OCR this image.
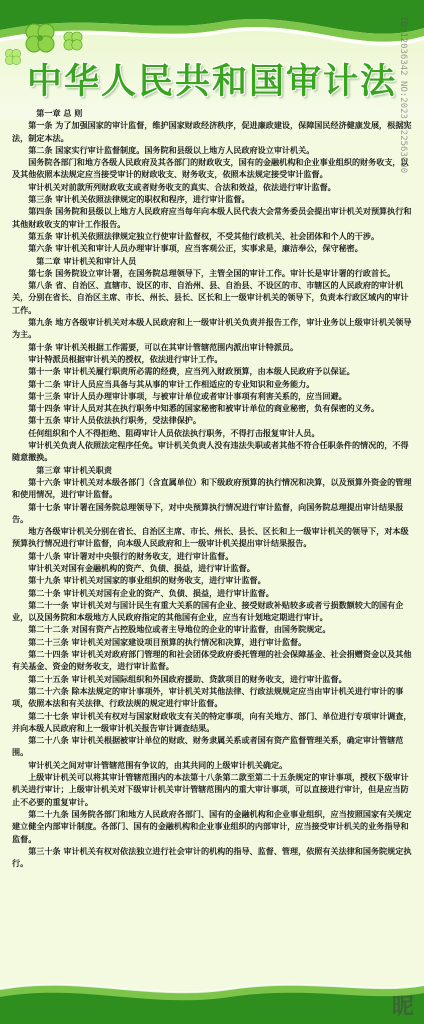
ID:12036342 NO:20231222563000
中华人民共和国审计法

第一章 总 则

第一条 为了加强国家的审计监督，维护国家财政经济秩序，促进廉政建设，保障国民经济健康发展，根据宪法，制定本法。

第二条 国家实行审计监督制度。国务院和县级以上地方人民政府设立审计机关。

国务院各部门和地方各级人民政府及其各部门的财政收支，国有的金融机构和企业事业组织的财务收支，以及其他依照本法规定应当接受审计的财政收支、财务收支，依照本法规定接受审计监督。

审计机关对前款所列财政收支或者财务收支的真实、合法和效益，依法进行审计监督。

第三条 审计机关依照法律规定的职权和程序，进行审计监督。

第四条 国务院和县级以上地方人民政府应当每年向本级人民代表大会常务委员会提出审计机关对预算执行和其他财政收支的审计工作报告。

第五条 审计机关依照法律规定独立行使审计监督权，不受其他行政机关、社会团体和个人的干涉。

第六条 审计机关和审计人员办理审计事项，应当客观公正，实事求是，廉洁奉公，保守秘密。

第二章 审计机关和审计人员

第七条 国务院设立审计署，在国务院总理领导下，主管全国的审计工作。审计长是审计署的行政首长。

第八条 省、自治区、直辖市、设区的市、自治州、县、自治县、不设区的市、市辖区的人民政府的审计机关，分别在省长、自治区主席、市长、州长、县长、区长和上一级审计机关的领导下，负责本行政区域内的审计工作。

第九条 地方各级审计机关对本级人民政府和上一级审计机关负责并报告工作，审计业务以上级审计机关领导为主。

第十条 审计机关根据工作需要，可以在其审计管辖范围内派出审计特派员。

审计特派员根据审计机关的授权，依法进行审计工作。

第十一条 审计机关履行职责所必需的经费，应当列入财政预算，由本级人民政府予以保证。

第十二条 审计人员应当具备与其从事的审计工作相适应的专业知识和业务能力。

第十三条 审计人员办理审计事项，与被审计单位或者审计事项有利害关系的，应当回避。

第十四条 审计人员对其在执行职务中知悉的国家秘密和被审计单位的商业秘密，负有保密的义务。

第十五条 审计人员依法执行职务，受法律保护。

任何组织和个人不得拒绝、阻碍审计人员依法执行职务，不得打击报复审计人员。

审计机关负责人依照法定程序任免。审计机关负责人没有违法失职或者其他不符合任职条件的情况的，不得随意撤换。

第三章 审计机关职责

第十六条 审计机关对本级各部门（含直属单位）和下级政府预算的执行情况和决算，以及预算外资金的管理和使用情况，进行审计监督。

第十七条 审计署在国务院总理领导下，对中央预算执行情况进行审计监督，向国务院总理提出审计结果报告。

地方各级审计机关分别在省长、自治区主席、市长、州长、县长、区长和上一级审计机关的领导下，对本级预算执行情况进行审计监督，向本级人民政府和上一级审计机关提出审计结果报告。

第十八条 审计署对中央银行的财务收支，进行审计监督。

审计机关对国有金融机构的资产、负债、损益，进行审计监督。

第十九条 审计机关对国家的事业组织的财务收支，进行审计监督。

第二十条 审计机关对国有企业的资产、负债、损益，进行审计监督。

第二十一条 审计机关对与国计民生有重大关系的国有企业、接受财政补贴较多或者亏损数额较大的国有企业，以及国务院和本级地方人民政府指定的其他国有企业，应当有计划地定期进行审计。

第二十二条 对国有资产占控股地位或者主导地位的企业的审计监督，由国务院规定。

第二十三条 审计机关对国家建设项目预算的执行情况和决算，进行审计监督。

第二十四条 审计机关对政府部门管理的和社会团体受政府委托管理的社会保障基金、社会捐赠资金以及其他有关基金、资金的财务收支，进行审计监督。

第二十五条 审计机关对国际组织和外国政府援助、贷款项目的财务收支，进行审计监督。

第二十六条 除本法规定的审计事项外，审计机关对其他法律、行政法规规定应当由审计机关进行审计的事项，依照本法和有关法律、行政法规的规定进行审计监督。

第二十七条 审计机关有权对与国家财政收支有关的特定事项，向有关地方、部门、单位进行专项审计调查，并向本级人民政府和上一级审计机关报告审计调查结果。

第二十八条 审计机关根据被审计单位的财政、财务隶属关系或者国有资产监督管理关系，确定审计管辖范围。

审计机关之间对审计管辖范围有争议的，由其共同的上级审计机关确定。

上级审计机关可以将其审计管辖范围内的本法第十八条第二款至第二十五条规定的审计事项，授权下级审计机关进行审计；上级审计机关对下级审计机关审计管辖范围内的重大审计事项，可以直接进行审计，但是应当防止不必要的重复审计。

第二十九条 国务院各部门和地方人民政府各部门、国有的金融机构和企业事业组织，应当按照国家有关规定建立健全内部审计制度。各部门、国有的金融机构和企业事业组织的内部审计，应当接受审计机关的业务指导和监督。

第三十条 审计机关有权对依法独立进行社会审计的机构的指导、监督、管理，依照有关法律和国务院规定执行。

昵
